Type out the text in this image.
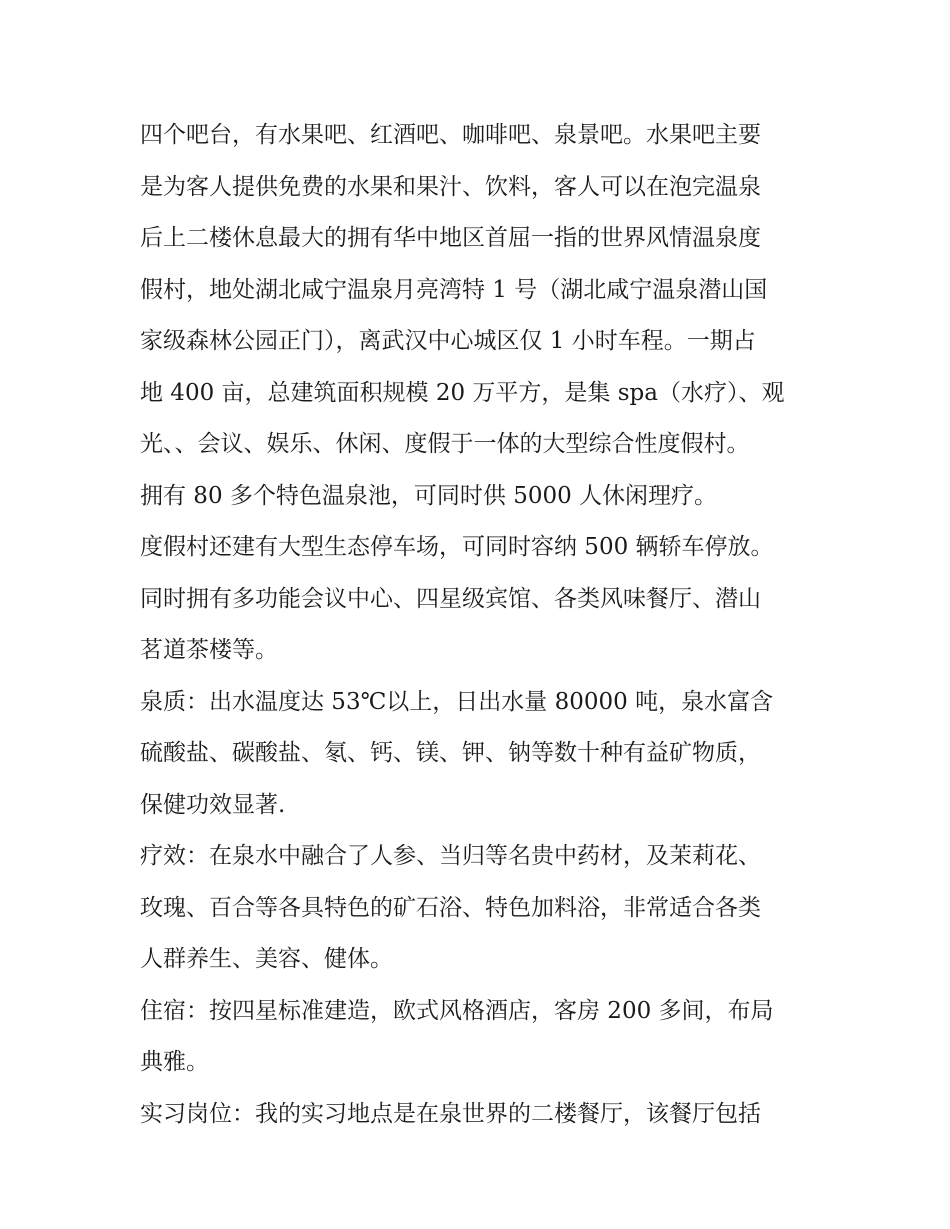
四个吧台，有水果吧、红酒吧、咖啡吧、泉景吧。水果吧主要
是为客人提供免费的水果和果汁、饮料，客人可以在泡完温泉
后上二楼休息最大的拥有华中地区首屈一指的世界风情温泉度
假村，地处湖北咸宁温泉月亮湾特 1 号（湖北咸宁温泉潜山国
家级森林公园正门），离武汉中心城区仅 1 小时车程。一期占
地 400 亩，总建筑面积规模 20 万平方，是集 spa（水疗）、观
光、、会议、娱乐、休闲、度假于一体的大型综合性度假村。
拥有 80 多个特色温泉池，可同时供 5000 人休闲理疗。
度假村还建有大型生态停车场，可同时容纳 500 辆轿车停放。
同时拥有多功能会议中心、四星级宾馆、各类风味餐厅、潜山
茗道茶楼等。
泉质：出水温度达 53℃以上，日出水量 80000 吨，泉水富含
硫酸盐、碳酸盐、氡、钙、镁、钾、钠等数十种有益矿物质，
保健功效显著.
疗效：在泉水中融合了人参、当归等名贵中药材，及茉莉花、
玫瑰、百合等各具特色的矿石浴、特色加料浴，非常适合各类
人群养生、美容、健体。
住宿：按四星标准建造，欧式风格酒店，客房 200 多间，布局
典雅。
实习岗位：我的实习地点是在泉世界的二楼餐厅，该餐厅包括
